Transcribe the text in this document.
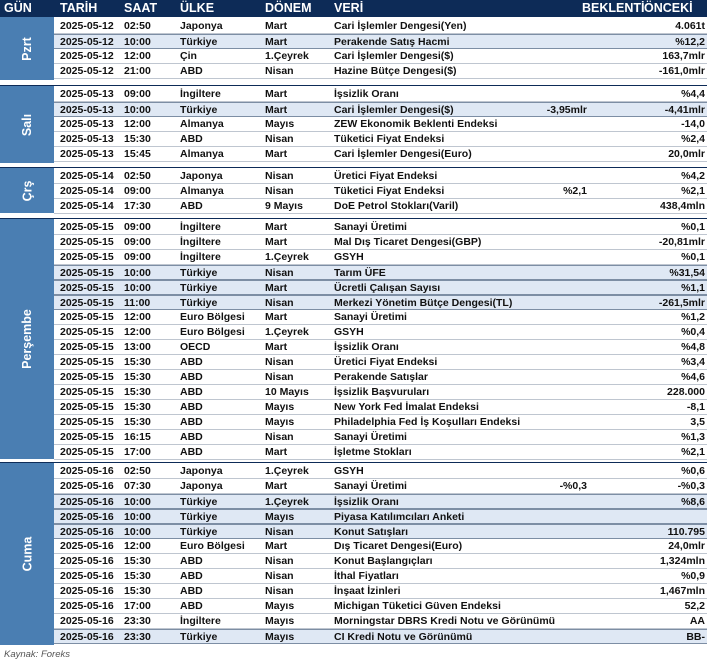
GÜN TARİH SAAT ÜLKE	DÖNEM VERİ	BEKLENTİ ÖNCEKİ
Pzrt
2025-05-12 02:50	Japonya	Mart	Cari İşlemler Dengesi(Yen)	4.061t
2025-05-12 10:00	Türkiye	Mart	Perakende Satış Hacmi	%12,2
2025-05-12 12:00	Çin	1.Çeyrek Cari İşlemler Dengesi($)	163,7mlr
2025-05-12 21:00	ABD	Nisan	Hazine Bütçe Dengesi($)	-161,0mlr
Salı
2025-05-13 09:00	İngiltere	Mart	İşsizlik Oranı	%4,4
2025-05-13 10:00	Türkiye	Mart	Cari İşlemler Dengesi($)	-3,95mlr	-4,41mlr
2025-05-13 12:00	Almanya	Mayıs	ZEW Ekonomik Beklenti Endeksi	-14,0
2025-05-13 15:30	ABD	Nisan	Tüketici Fiyat Endeksi	%2,4
2025-05-13 15:45	Almanya	Mart	Cari İşlemler Dengesi(Euro)	20,0mlr
Çrş
2025-05-14 02:50	Japonya	Nisan	Üretici Fiyat Endeksi	%4,2
2025-05-14 09:00	Almanya	Nisan	Tüketici Fiyat Endeksi	%2,1	%2,1
2025-05-14 17:30	ABD	9 Mayıs	DoE Petrol Stokları(Varil)	438,4mln
Perşembe
2025-05-15 09:00	İngiltere	Mart	Sanayi Üretimi	%0,1
2025-05-15 09:00	İngiltere	Mart	Mal Dış Ticaret Dengesi(GBP)	-20,81mlr
2025-05-15 09:00	İngiltere	1.Çeyrek GSYH	%0,1
2025-05-15 10:00	Türkiye	Nisan	Tarım ÜFE	%31,54
2025-05-15 10:00	Türkiye	Mart	Ücretli Çalışan Sayısı	%1,1
2025-05-15 11:00	Türkiye	Nisan	Merkezi Yönetim Bütçe Dengesi(TL)	-261,5mlr
2025-05-15 12:00	Euro Bölgesi Mart	Sanayi Üretimi	%1,2
2025-05-15 12:00	Euro Bölgesi 1.Çeyrek GSYH	%0,4
2025-05-15 13:00	OECD	Mart	İşsizlik Oranı	%4,8
2025-05-15 15:30	ABD	Nisan	Üretici Fiyat Endeksi	%3,4
2025-05-15 15:30	ABD	Nisan	Perakende Satışlar	%4,6
2025-05-15 15:30	ABD	10 Mayıs İşsizlik Başvuruları	228.000
2025-05-15 15:30	ABD	Mayıs	New York Fed İmalat Endeksi	-8,1
2025-05-15 15:30	ABD	Mayıs	Philadelphia Fed İş Koşulları Endeksi	3,5
2025-05-15 16:15	ABD	Nisan	Sanayi Üretimi	%1,3
2025-05-15 17:00	ABD	Mart	İşletme Stokları	%2,1
Cuma
2025-05-16 02:50	Japonya	1.Çeyrek GSYH	%0,6
2025-05-16 07:30	Japonya	Mart	Sanayi Üretimi	-%0,3	-%0,3
2025-05-16 10:00	Türkiye	1.Çeyrek İşsizlik Oranı	%8,6
2025-05-16 10:00	Türkiye	Mayıs	Piyasa Katılımcıları Anketi
2025-05-16 10:00	Türkiye	Nisan	Konut Satışları	110.795
2025-05-16 12:00	Euro Bölgesi Mart	Dış Ticaret Dengesi(Euro)	24,0mlr
2025-05-16 15:30	ABD	Nisan	Konut Başlangıçları	1,324mln
2025-05-16 15:30	ABD	Nisan	İthal Fiyatları	%0,9
2025-05-16 15:30	ABD	Nisan	İnşaat İzinleri	1,467mln
2025-05-16 17:00	ABD	Mayıs	Michigan Tüketici Güven Endeksi	52,2
2025-05-16 23:30	İngiltere	Mayıs	Morningstar DBRS Kredi Notu ve Görünümü	AA
2025-05-16 23:30	Türkiye	Mayıs	CI Kredi Notu ve Görünümü	BB-
Kaynak: Foreks
